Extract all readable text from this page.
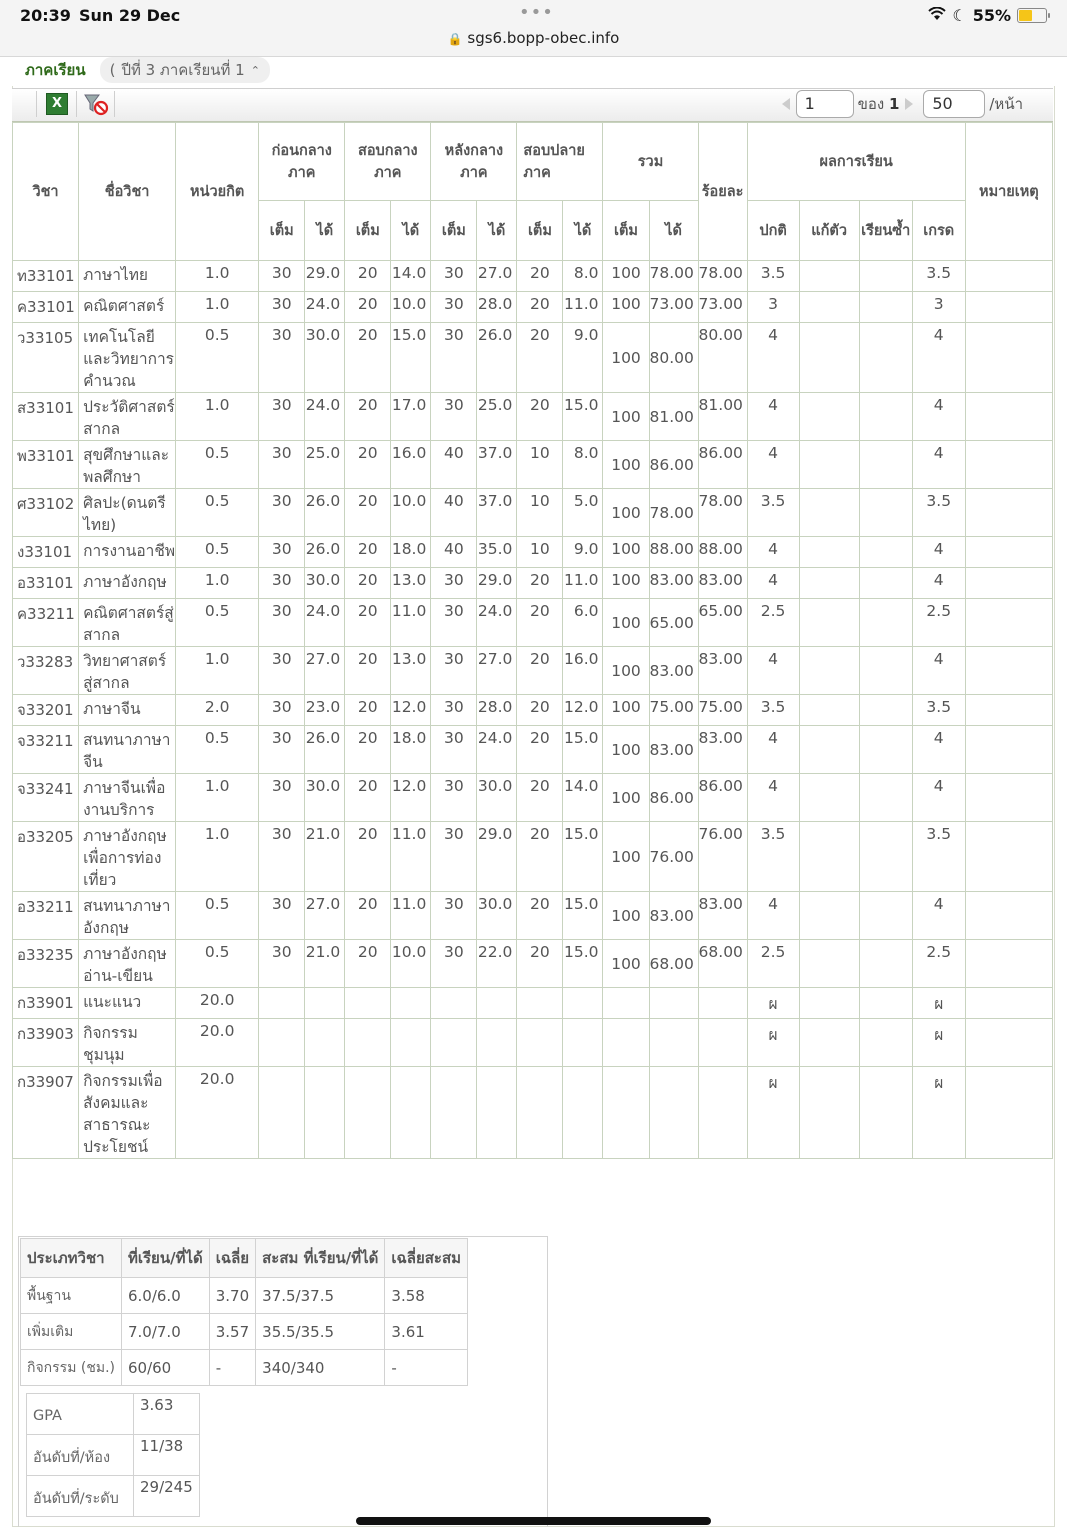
20:39 Sun 29 Dec	•••
🔒 sgs6.bopp-obec.info
☾ 55%
ภาคเรียน	( ปีที่ 3 ภาคเรียนที่ 1 ⌃

X	1	ของ 1	50	/หน้า
วิชา	ชื่อวิชา	หน่วยกิต	ก่อนกลางภาค		สอบกลางภาค		หลังกลางภาค		สอบปลายภาค		รวม		ร้อยละ	ผลการเรียน				หมายเหตุ
			เต็ม	ได้	เต็ม	ได้	เต็ม	ได้	เต็ม	ได้	เต็ม	ได้		ปกติ	แก้ตัว	เรียนซ้ำ	เกรด	
ท33101	ภาษาไทย	1.0	30	29.0	20	14.0	30	27.0	20	8.0	100	78.00	78.00	3.5			3.5	
ค33101	คณิตศาสตร์	1.0	30	24.0	20	10.0	30	28.0	20	11.0	100	73.00	73.00	3			3	
ว33105	เทคโนโลยีและวิทยาการคำนวณ	0.5	30	30.0	20	15.0	30	26.0	20	9.0	100	80.00	80.00	4			4	
ส33101	ประวัติศาสตร์สากล	1.0	30	24.0	20	17.0	30	25.0	20	15.0	100	81.00	81.00	4			4	
พ33101	สุขศึกษาและพลศึกษา	0.5	30	25.0	20	16.0	40	37.0	10	8.0	100	86.00	86.00	4			4	
ศ33102	ศิลปะ(ดนตรีไทย)	0.5	30	26.0	20	10.0	40	37.0	10	5.0	100	78.00	78.00	3.5			3.5	
ง33101	การงานอาชีพ	0.5	30	26.0	20	18.0	40	35.0	10	9.0	100	88.00	88.00	4			4	
อ33101	ภาษาอังกฤษ	1.0	30	30.0	20	13.0	30	29.0	20	11.0	100	83.00	83.00	4			4	
ค33211	คณิตศาสตร์สู่สากล	0.5	30	24.0	20	11.0	30	24.0	20	6.0	100	65.00	65.00	2.5			2.5	
ว33283	วิทยาศาสตร์สู่สากล	1.0	30	27.0	20	13.0	30	27.0	20	16.0	100	83.00	83.00	4			4	
จ33201	ภาษาจีน	2.0	30	23.0	20	12.0	30	28.0	20	12.0	100	75.00	75.00	3.5			3.5	
จ33211	สนทนาภาษาจีน	0.5	30	26.0	20	18.0	30	24.0	20	15.0	100	83.00	83.00	4			4	
จ33241	ภาษาจีนเพื่องานบริการ	1.0	30	30.0	20	12.0	30	30.0	20	14.0	100	86.00	86.00	4			4	
อ33205	ภาษาอังกฤษเพื่อการท่องเที่ยว	1.0	30	21.0	20	11.0	30	29.0	20	15.0	100	76.00	76.00	3.5			3.5	
อ33211	สนทนาภาษาอังกฤษ	0.5	30	27.0	20	11.0	30	30.0	20	15.0	100	83.00	83.00	4			4	
อ33235	ภาษาอังกฤษอ่าน-เขียน	0.5	30	21.0	20	10.0	30	22.0	20	15.0	100	68.00	68.00	2.5			2.5	
ก33901	แนะแนว	20.0												ผ			ผ	
ก33903	กิจกรรมชุมนุม	20.0												ผ			ผ	
ก33907	กิจกรรมเพื่อสังคมและสาธารณะประโยชน์	20.0												ผ			ผ	
ประเภทวิชา	ที่เรียน/ที่ได้	เฉลี่ย	สะสม ที่เรียน/ที่ได้	เฉลี่ยสะสม
พื้นฐาน	6.0/6.0	3.70	37.5/37.5	3.58
เพิ่มเติม	7.0/7.0	3.57	35.5/35.5	3.61
กิจกรรม (ชม.)	60/60	-	340/340	-
GPA	3.63
อันดับที่/ห้อง	11/38
อันดับที่/ระดับ	29/245
